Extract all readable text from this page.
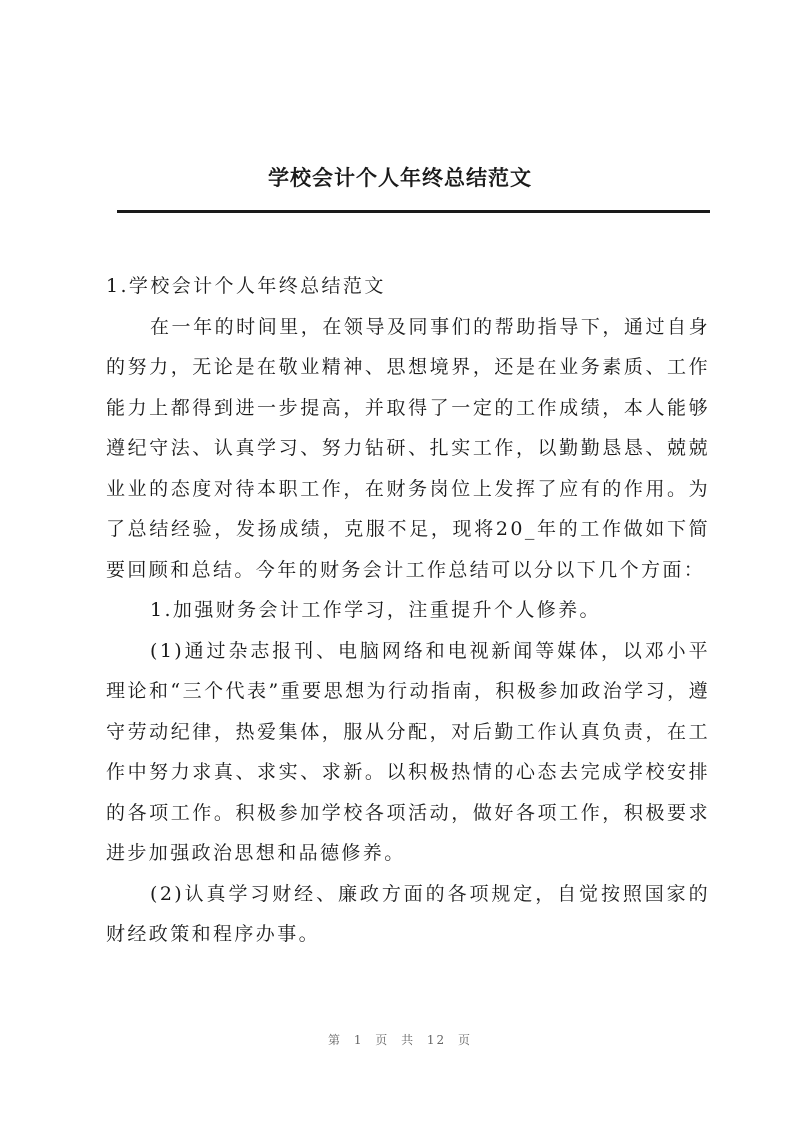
学校会计个人年终总结范文

1.学校会计个人年终总结范文

在一年的时间里，在领导及同事们的帮助指导下，通过自身的努力，无论是在敬业精神、思想境界，还是在业务素质、工作能力上都得到进一步提高，并取得了一定的工作成绩，本人能够遵纪守法、认真学习、努力钻研、扎实工作，以勤勤恳恳、兢兢业业的态度对待本职工作，在财务岗位上发挥了应有的作用。为了总结经验，发扬成绩，克服不足，现将20_年的工作做如下简要回顾和总结。今年的财务会计工作总结可以分以下几个方面：

1.加强财务会计工作学习，注重提升个人修养。

(1)通过杂志报刊、电脑网络和电视新闻等媒体，以邓小平理论和“三个代表”重要思想为行动指南，积极参加政治学习，遵守劳动纪律，热爱集体，服从分配，对后勤工作认真负责，在工作中努力求真、求实、求新。以积极热情的心态去完成学校安排的各项工作。积极参加学校各项活动，做好各项工作，积极要求进步加强政治思想和品德修养。

(2)认真学习财经、廉政方面的各项规定，自觉按照国家的财经政策和程序办事。

第 1 页 共 12 页
